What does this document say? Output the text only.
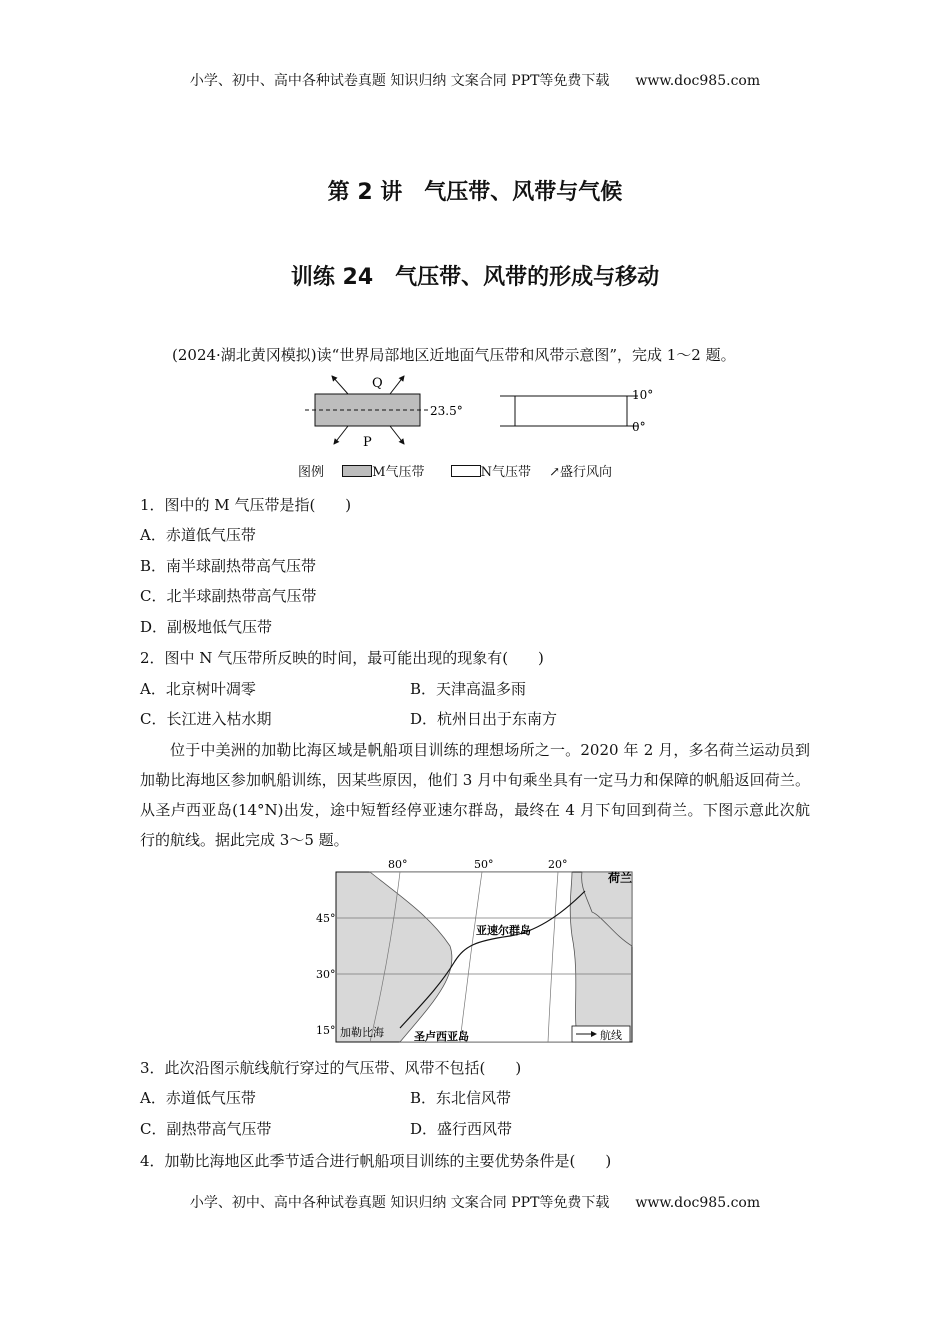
小学、初中、高中各种试卷真题 知识归纳 文案合同 PPT等免费下载 www.doc985.com
第 2 讲　气压带、风带与气候
训练 24　气压带、风带的形成与移动
(2024·湖北黄冈模拟)读“世界局部地区近地面气压带和风带示意图”，完成 1～2 题。
Q
23.5°
P
10°
0°
图例	M气压带	N气压带 ↗盛行风向
1．图中的 M 气压带是指(　　)
A．赤道低气压带
B．南半球副热带高气压带
C．北半球副热带高气压带
D．副极地低气压带
2．图中 N 气压带所反映的时间，最可能出现的现象有(　　)
A．北京树叶凋零	B．天津高温多雨
C．长江进入枯水期	D．杭州日出于东南方
位于中美洲的加勒比海区域是帆船项目训练的理想场所之一。2020 年 2 月，多名荷兰运动员到加勒比海地区参加帆船训练，因某些原因，他们 3 月中旬乘坐具有一定马力和保障的帆船返回荷兰。从圣卢西亚岛(14°N)出发，途中短暂经停亚速尔群岛，最终在 4 月下旬回到荷兰。下图示意此次航行的航线。据此完成 3～5 题。
80°	50°	20°
45°
30°
15°
荷兰
亚速尔群岛
加勒比海	圣卢西亚岛	航线
3．此次沿图示航线航行穿过的气压带、风带不包括(　　)
A．赤道低气压带	B．东北信风带
C．副热带高气压带	D．盛行西风带
4．加勒比海地区此季节适合进行帆船项目训练的主要优势条件是(　　)
小学、初中、高中各种试卷真题 知识归纳 文案合同 PPT等免费下载 www.doc985.com
